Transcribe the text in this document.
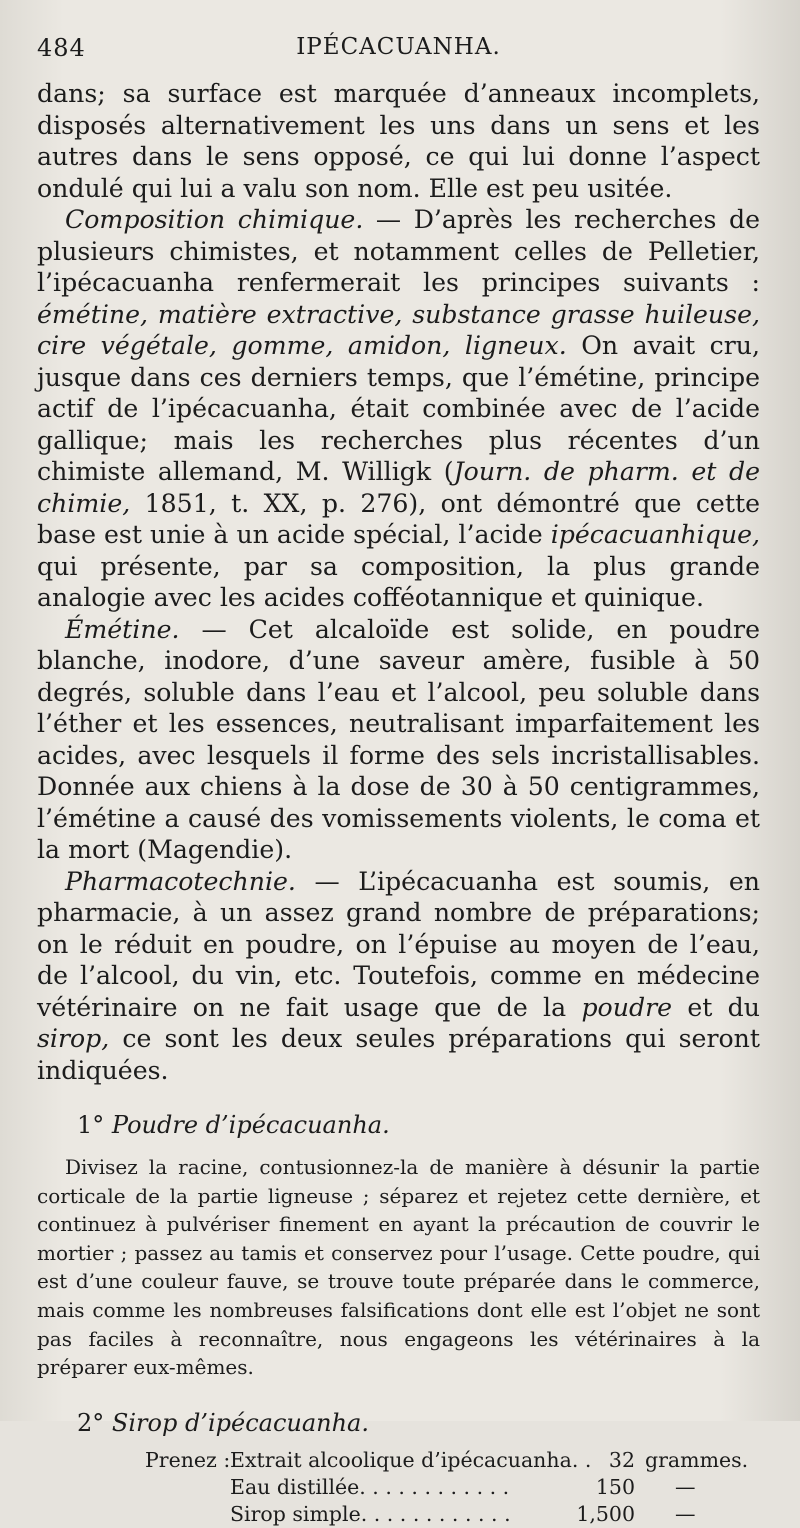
484	IPÉCACUANHA.

dans; sa surface est marquée d’anneaux incomplets, disposés alternativement les uns dans un sens et les autres dans le sens opposé, ce qui lui donne l’aspect ondulé qui lui a valu son nom. Elle est peu usitée.

Composition chimique. — D’après les recherches de plusieurs chimistes, et notamment celles de Pelletier, l’ipécacuanha renfermerait les principes suivants : émétine, matière extractive, substance grasse huileuse, cire végétale, gomme, amidon, ligneux. On avait cru, jusque dans ces derniers temps, que l’émétine, principe actif de l’ipécacuanha, était combinée avec de l’acide gallique; mais les recherches plus récentes d’un chimiste allemand, M. Willigk (Journ. de pharm. et de chimie, 1851, t. XX, p. 276), ont démontré que cette base est unie à un acide spécial, l’acide ipécacuanhique, qui présente, par sa composition, la plus grande analogie avec les acides cofféotannique et quinique.

Émétine. — Cet alcaloïde est solide, en poudre blanche, inodore, d’une saveur amère, fusible à 50 degrés, soluble dans l’eau et l’alcool, peu soluble dans l’éther et les essences, neutralisant imparfaitement les acides, avec lesquels il forme des sels incristallisables. Donnée aux chiens à la dose de 30 à 50 centigrammes, l’émétine a causé des vomissements violents, le coma et la mort (Magendie).

Pharmacotechnie. — L’ipécacuanha est soumis, en pharmacie, à un assez grand nombre de préparations; on le réduit en poudre, on l’épuise au moyen de l’eau, de l’alcool, du vin, etc. Toutefois, comme en médecine vétérinaire on ne fait usage que de la poudre et du sirop, ce sont les deux seules préparations qui seront indiquées.

1° Poudre d’ipécacuanha.

Divisez la racine, contusionnez-la de manière à désunir la partie corticale de la partie ligneuse ; séparez et rejetez cette dernière, et continuez à pulvériser finement en ayant la précaution de couvrir le mortier ; passez au tamis et conservez pour l’usage. Cette poudre, qui est d’une couleur fauve, se trouve toute préparée dans le commerce, mais comme les nombreuses falsifications dont elle est l’objet ne sont pas faciles à reconnaître, nous engageons les vétérinaires à la préparer eux-mêmes.

2° Sirop d’ipécacuanha.
Prenez : Extrait alcoolique d’ipécacuanha. . 32 grammes.
Eau distillée. . . . . . . . . . . .	150 —
Sirop simple. . . . . . . . . . . .	1,500 —
